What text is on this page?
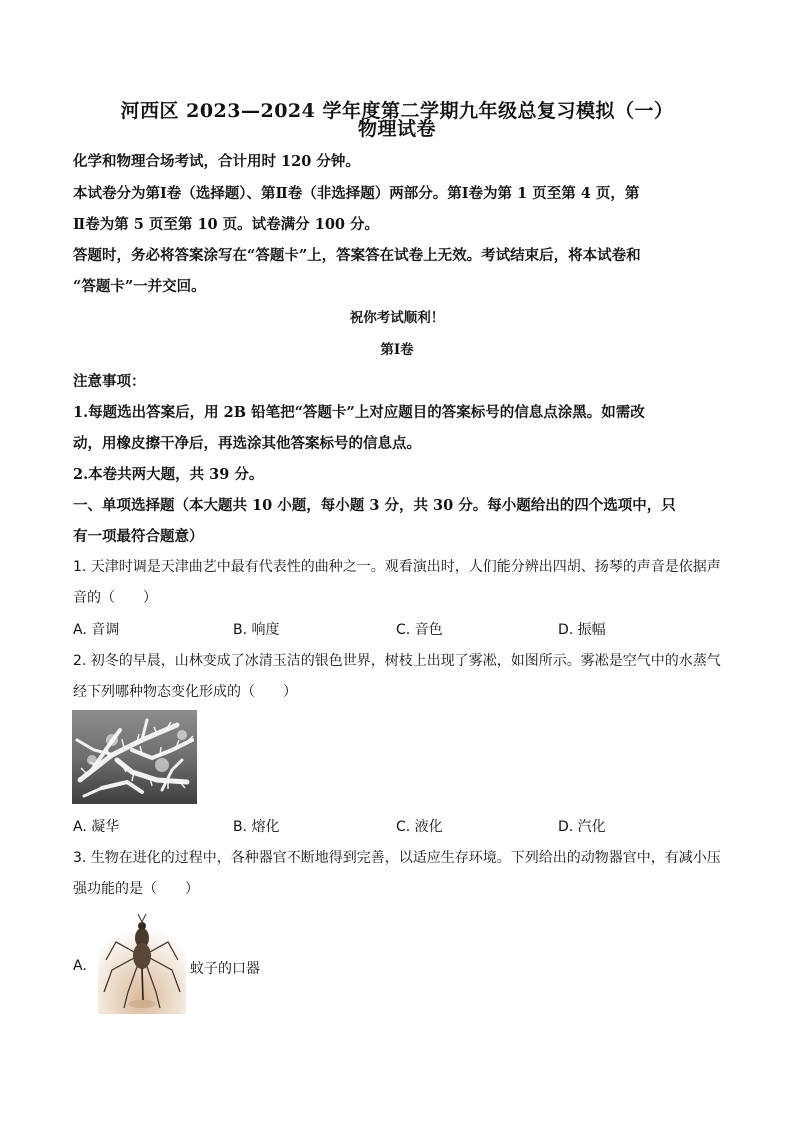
河西区 2023—2024 学年度第二学期九年级总复习模拟（一）
物理试卷
化学和物理合场考试，合计用时 120 分钟。
本试卷分为第Ⅰ卷（选择题）、第Ⅱ卷（非选择题）两部分。第Ⅰ卷为第 1 页至第 4 页，第
Ⅱ卷为第 5 页至第 10 页。试卷满分 100 分。
答题时，务必将答案涂写在“答题卡”上，答案答在试卷上无效。考试结束后，将本试卷和
“答题卡”一并交回。
祝你考试顺利！
第Ⅰ卷
注意事项：
1.每题选出答案后，用 2B 铅笔把“答题卡”上对应题目的答案标号的信息点涂黑。如需改
动，用橡皮擦干净后，再选涂其他答案标号的信息点。
2.本卷共两大题，共 39 分。
一、单项选择题（本大题共 10 小题，每小题 3 分，共 30 分。每小题给出的四个选项中，只
有一项最符合题意）
1. 天津时调是天津曲艺中最有代表性的曲种之一。观看演出时，人们能分辨出四胡、扬琴的声音是依据声
音的（　　）
A. 音调	B. 响度	C. 音色	D. 振幅
2. 初冬的早晨，山林变成了冰清玉洁的银色世界，树枝上出现了雾凇，如图所示。雾凇是空气中的水蒸气
经下列哪种物态变化形成的（　　）
A. 凝华	B. 熔化	C. 液化	D. 汽化
3. 生物在进化的过程中，各种器官不断地得到完善，以适应生存环境。下列给出的动物器官中，有减小压
强功能的是（　　）
A.	蚊子的口器
